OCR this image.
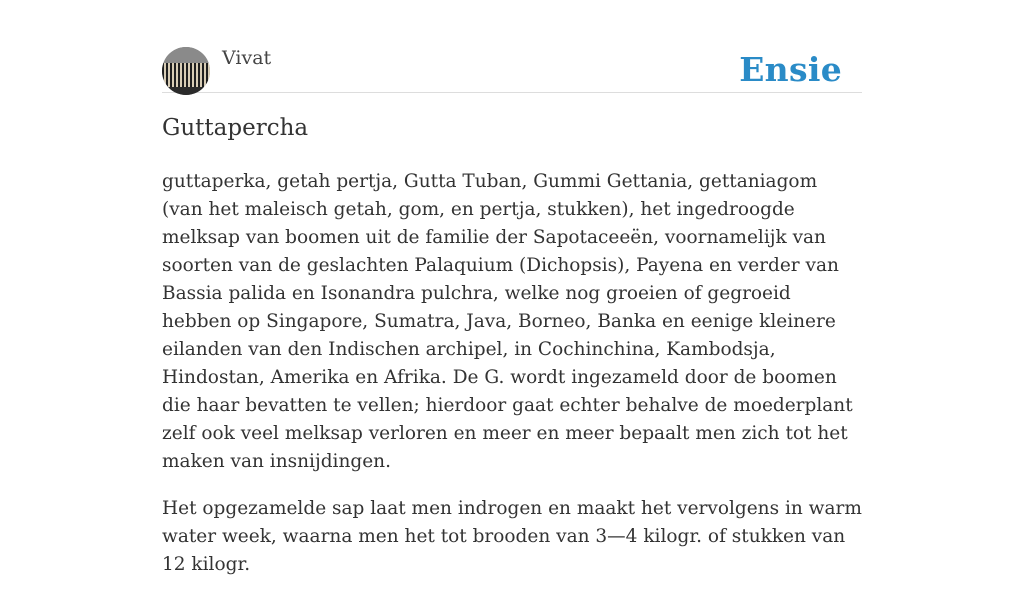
Vivat	Ensie
Guttapercha

guttaperka, getah pertja, Gutta Tuban, Gummi Gettania, gettaniagom (van het maleisch getah, gom, en pertja, stukken), het ingedroogde melksap van boomen uit de familie der Sapotaceeën, voornamelijk van soorten van de geslachten Palaquium (Dichopsis), Payena en verder van Bassia palida en Isonandra pulchra, welke nog groeien of gegroeid hebben op Singapore, Sumatra, Java, Borneo, Banka en eenige kleinere eilanden van den Indischen archipel, in Cochinchina, Kambodsja, Hindostan, Amerika en Afrika. De G. wordt ingezameld door de boomen die haar bevatten te vellen; hierdoor gaat echter behalve de moederplant zelf ook veel melksap verloren en meer en meer bepaalt men zich tot het maken van insnijdingen.

Het opgezamelde sap laat men indrogen en maakt het vervolgens in warm water week, waarna men het tot brooden van 3—4 kilogr. of stukken van 12 kilogr.
